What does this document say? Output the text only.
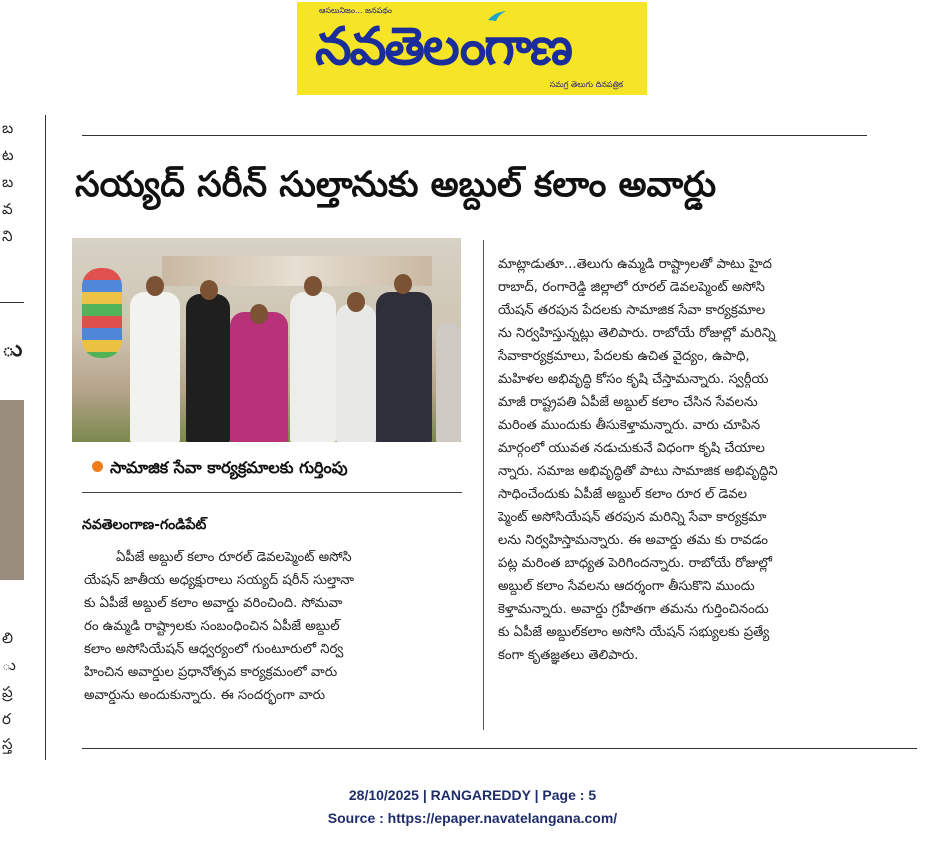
ఆసలునిజం... జనపథం
నవతెలంగాణ
సమగ్ర తెలుగు దినపత్రిక
బ
ట
బ
వ
ని
ు
లి
ు
ప్ర
ర
స్త
సయ్యద్ సరీన్ సుల్తానుకు అబ్దుల్ కలాం అవార్డు
సామాజిక సేవా కార్యక్రమాలకు గుర్తింపు
నవతెలంగాణ-గండిపేట్

ఏపీజే అబ్దుల్ కలాం రూరల్ డెవలప్మెంట్ అసోసి

యేషన్ జాతీయ అధ్యక్షురాలు సయ్యద్ షరీన్ సుల్తానా

కు ఏపీజే అబ్దుల్ కలాం అవార్డు వరించింది. సోమవా

రం ఉమ్మడి రాష్ట్రాలకు సంబంధించిన ఏపీజే అబ్దుల్

కలాం అసోసియేషన్ ఆధ్వర్యంలో గుంటూరులో నిర్వ

హించిన అవార్డుల ప్రధానోత్సవ కార్యక్రమంలో వారు

అవార్డును అందుకున్నారు. ఈ సందర్భంగా వారు

మాట్లాడుతూ...తెలుగు ఉమ్మడి రాష్ట్రాలతో పాటు హైద

రాబాద్, రంగారెడ్డి జిల్లాలో రూరల్ డెవలప్మెంట్ అసోసి

యేషన్ తరపున పేదలకు సామాజిక సేవా కార్యక్రమాల

ను నిర్వహిస్తున్నట్లు తెలిపారు. రాబోయే రోజుల్లో మరిన్ని

సేవాకార్యక్రమాలు, పేదలకు ఉచిత వైద్యం, ఉపాధి,

మహిళల అభివృద్ధి కోసం కృషి చేస్తామన్నారు. స్వర్గీయ

మాజీ రాష్ట్రపతి ఏపీజే అబ్దుల్ కలాం చేసిన సేవలను

మరింత ముందుకు తీసుకెళ్తామన్నారు. వారు చూపిన

మార్గంలో యువత నడుచుకునే విధంగా కృషి చేయాల

న్నారు. సమాజ అభివృద్ధితో పాటు సామాజిక అభివృద్ధిని

సాధించేందుకు ఏపీజే అబ్దుల్ కలాం రూర ల్ డెవల

ప్మెంట్ అసోసియేషన్ తరపున మరిన్ని సేవా కార్యక్రమా

లను నిర్వహిస్తామన్నారు. ఈ అవార్డు తమ కు రావడం

పట్ల మరింత బాధ్యత పెరిగిందన్నారు. రాబోయే రోజుల్లో

అబ్దుల్ కలాం సేవలను ఆదర్శంగా తీసుకొని ముందు

కెళ్తామన్నారు. అవార్డు గ్రహీతగా తమను గుర్తించినందు

కు ఏపీజే అబ్దుల్‌కలాం అసోసి యేషన్ సభ్యులకు ప్రత్యే

కంగా కృతజ్ఞతలు తెలిపారు.

28/10/2025 | RANGAREDDY | Page : 5
Source : https://epaper.navatelangana.com/
